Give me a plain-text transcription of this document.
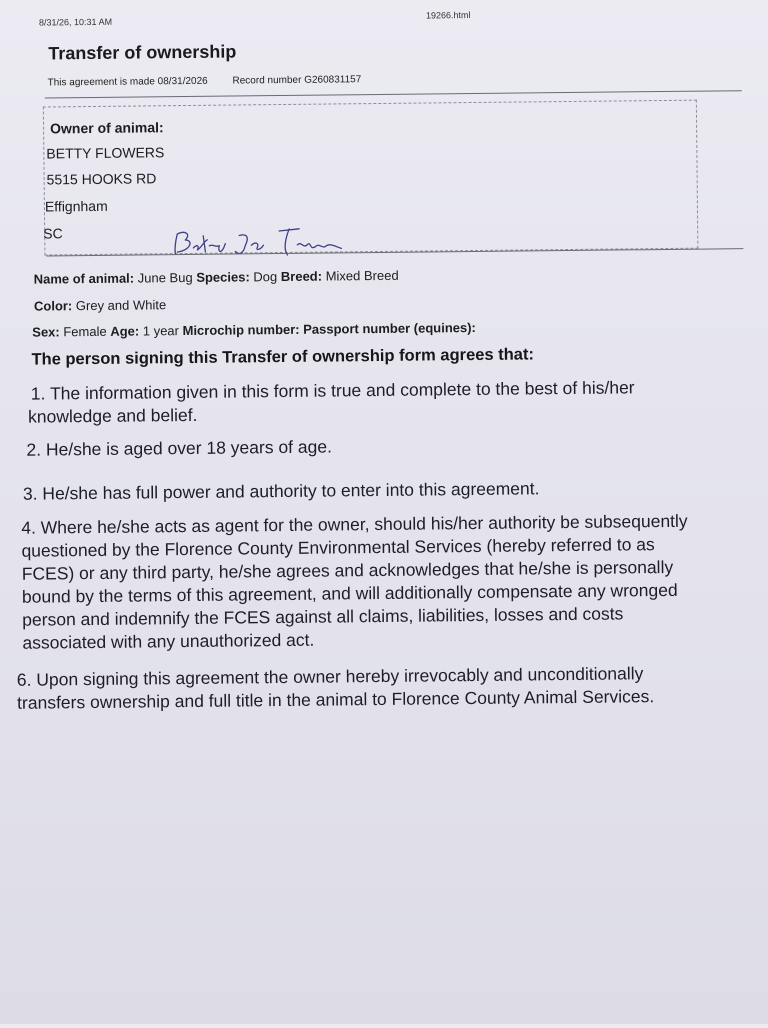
8/31/26, 10:31 AM
19266.html
Transfer of ownership
This agreement is made 08/31/2026 Record number G260831157
Owner of animal:
BETTY FLOWERS
5515 HOOKS RD
Effignham
SC
Name of animal: June Bug Species: Dog Breed: Mixed Breed
Color: Grey and White
Sex: Female Age: 1 year Microchip number: Passport number (equines):
The person signing this Transfer of ownership form agrees that:
1. The information given in this form is true and complete to the best of his/her
knowledge and belief.
2. He/she is aged over 18 years of age.
3. He/she has full power and authority to enter into this agreement.
4. Where he/she acts as agent for the owner, should his/her authority be subsequently
questioned by the Florence County Environmental Services (hereby referred to as
FCES) or any third party, he/she agrees and acknowledges that he/she is personally
bound by the terms of this agreement, and will additionally compensate any wronged
person and indemnify the FCES against all claims, liabilities, losses and costs
associated with any unauthorized act.
6. Upon signing this agreement the owner hereby irrevocably and unconditionally
transfers ownership and full title in the animal to Florence County Animal Services.
